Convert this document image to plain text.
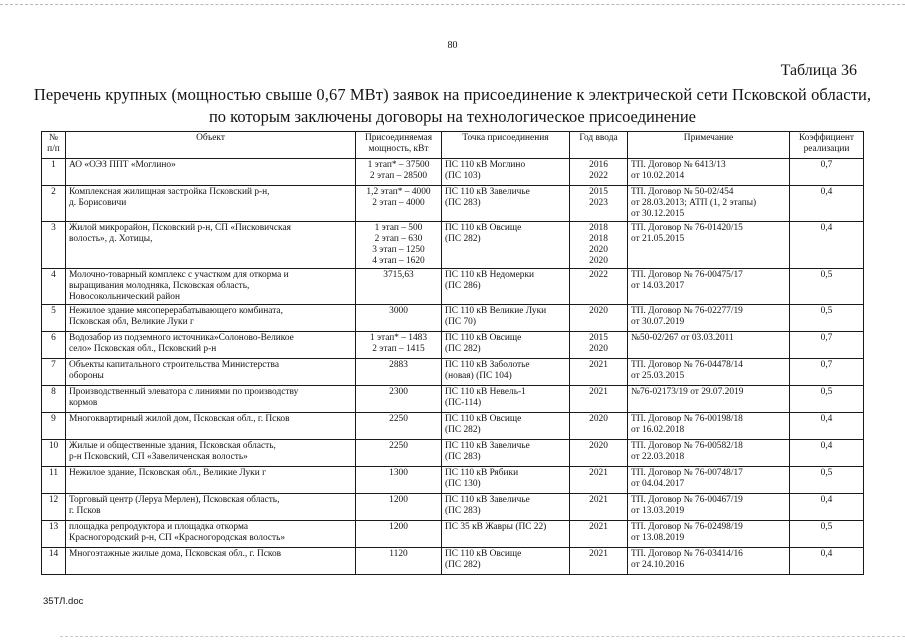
80
Таблица 36
Перечень крупных (мощностью свыше 0,67 МВт) заявок на присоединение к электрической сети Псковской области,
по которым заключены договоры на технологическое присоединение
№
п/п	Объект	Присоединяемая
мощность, кВт	Точка присоединения	Год ввода	Примечание	Коэффициент
реализации

1	АО «ОЭЗ ППТ «Моглино»	1 этап* – 37500
2 этап – 28500	ПС 110 кВ Моглино
(ПС 103)	2016
2022	ТП. Договор № 6413/13
от 10.02.2014	0,7
2	Комплексная жилищная застройка Псковский р-н,
д. Борисовичи	1,2 этап* – 4000
2 этап – 4000	ПС 110 кВ Завеличье
(ПС 283)	2015
2023	ТП. Договор № 50-02/454
от 28.03.2013; АТП (1, 2 этапы)
от 30.12.2015	0,4
3	Жилой микрорайон, Псковский р-н, СП «Писковичская
волость», д. Хотицы,	1 этап – 500
2 этап – 630
3 этап – 1250
4 этап – 1620	ПС 110 кВ Овсище
(ПС 282)	2018
2018
2020
2020	ТП. Договор № 76-01420/15
от 21.05.2015	0,4
4	Молочно-товарный комплекс с участком для откорма и
выращивания молодняка, Псковская область,
Новосокольнический район	3715,63	ПС 110 кВ Недомерки
(ПС 286)	2022	ТП. Договор № 76-00475/17
от 14.03.2017	0,5
5	Нежилое здание мясоперерабатывающего комбината,
Псковская обл, Великие Луки г	3000	ПС 110 кВ Великие Луки
(ПС 70)	2020	ТП. Договор № 76-02277/19
от 30.07.2019	0,5
6	Водозабор из подземного источника»Солоново-Великое
село» Псковская обл., Псковский р-н	1 этап* – 1483
2 этап – 1415	ПС 110 кВ Овсище
(ПС 282)	2015
2020	№50-02/267 от 03.03.2011	0,7
7	Объекты капитального строительства Министерства
обороны	2883	ПС 110 кВ Заболотье
(новая) (ПС 104)	2021	ТП. Договор № 76-04478/14
от 25.03.2015	0,7
8	Производственный элеватора с линиями по производству
кормов	2300	ПС 110 кВ Невель-1
(ПС-114)	2021	№76-02173/19 от 29.07.2019	0,5
9	Многоквартирный жилой дом, Псковская обл., г. Псков	2250	ПС 110 кВ Овсище
(ПС 282)	2020	ТП. Договор № 76-00198/18
от 16.02.2018	0,4
10	Жилые и общественные здания, Псковская область,
р-н Псковский, СП «Завеличенская волость»	2250	ПС 110 кВ Завеличье
(ПС 283)	2020	ТП. Договор № 76-00582/18
от 22.03.2018	0,4
11	Нежилое здание, Псковская обл., Великие Луки г	1300	ПС 110 кВ Рябики
(ПС 130)	2021	ТП. Договор № 76-00748/17
от 04.04.2017	0,5
12	Торговый центр (Леруа Мерлен), Псковская область,
г. Псков	1200	ПС 110 кВ Завеличье
(ПС 283)	2021	ТП. Договор № 76-00467/19
от 13.03.2019	0,4
13	площадка репродуктора и площадка откорма
Красногородский р-н, СП «Красногородская волость»	1200	ПС 35 кВ Жавры (ПС 22)	2021	ТП. Договор № 76-02498/19
от 13.08.2019	0,5
14	Многоэтажные жилые дома, Псковская обл., г. Псков	1120	ПС 110 кВ Овсище
(ПС 282)	2021	ТП. Договор № 76-03414/16
от 24.10.2016	0,4
35ТЛ.doc
